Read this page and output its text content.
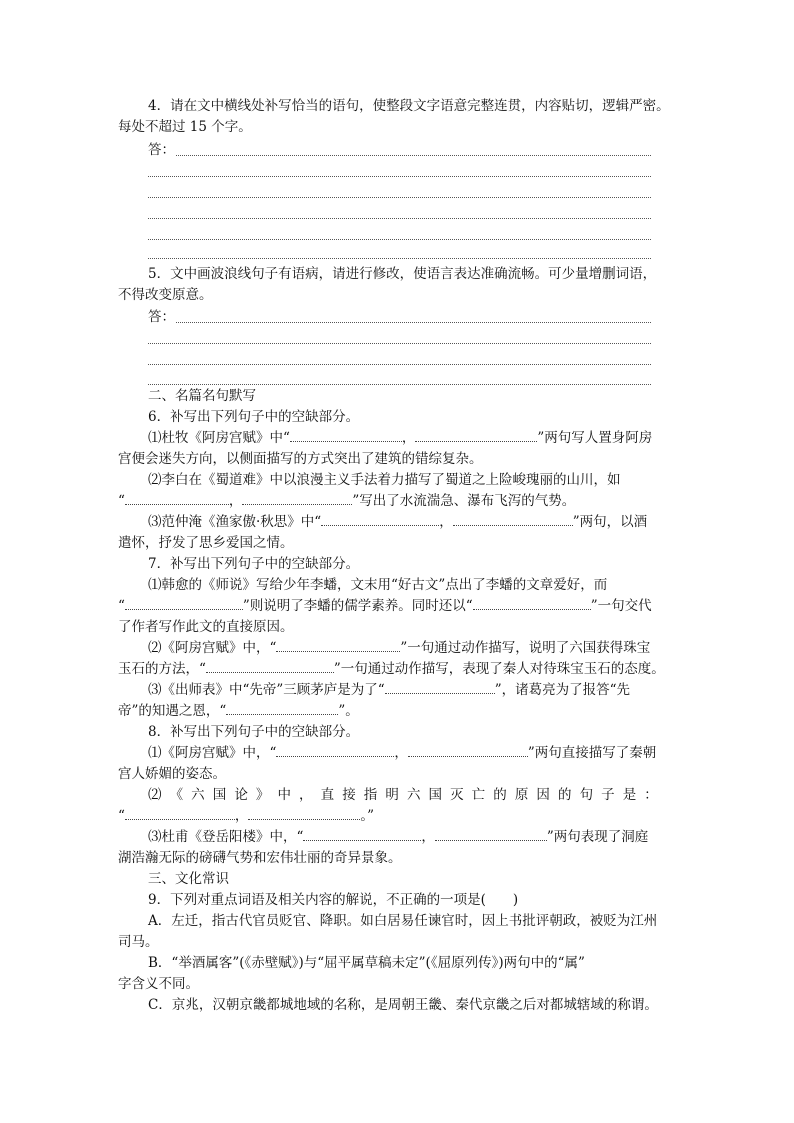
4．请在文中横线处补写恰当的语句，使整段文字语意完整连贯，内容贴切，逻辑严密。

每处不超过 15 个字。

答：

5．文中画波浪线句子有语病，请进行修改，使语言表达准确流畅。可少量增删词语，

不得改变原意。

答：

二、名篇名句默写

6．补写出下列句子中的空缺部分。

⑴杜牧《阿房宫赋》中“	，	”两句写人置身阿房

宫便会迷失方向，以侧面描写的方式突出了建筑的错综复杂。

⑵李白在《蜀道难》中以浪漫主义手法着力描写了蜀道之上险峻瑰丽的山川，如

“	，	”写出了水流湍急、瀑布飞泻的气势。

⑶范仲淹《渔家傲·秋思》中“	，	”两句，以酒

遣怀，抒发了思乡爱国之情。

7．补写出下列句子中的空缺部分。

⑴韩愈的《师说》写给少年李蟠，文末用“好古文”点出了李蟠的文章爱好，而

“	”则说明了李蟠的儒学素养。同时还以“	”一句交代

了作者写作此文的直接原因。

⑵《阿房宫赋》中，“	”一句通过动作描写，说明了六国获得珠宝

玉石的方法，“	”一句通过动作描写，表现了秦人对待珠宝玉石的态度。

⑶《出师表》中“先帝”三顾茅庐是为了“	”，诸葛亮为了报答“先

帝”的知遇之恩，“	”。

8．补写出下列句子中的空缺部分。

⑴《阿房宫赋》中，“	，	”两句直接描写了秦朝

宫人娇媚的姿态。

⑵ 《 六 国 论 》 中 ， 直 接 指 明 六 国 灭 亡 的 原 因 的 句 子 是 ：

“	，	。”

⑶杜甫《登岳阳楼》中，“	，	”两句表现了洞庭

湖浩瀚无际的磅礴气势和宏伟壮丽的奇异景象。

三、文化常识

9．下列对重点词语及相关内容的解说，不正确的一项是(　　)

A．左迁，指古代官员贬官、降职。如白居易任谏官时，因上书批评朝政，被贬为江州

司马。

B．“举酒属客”(《赤壁赋》)与“屈平属草稿未定”(《屈原列传》)两句中的“属”

字含义不同。

C．京兆，汉朝京畿都城地域的名称，是周朝王畿、秦代京畿之后对都城辖域的称谓。
